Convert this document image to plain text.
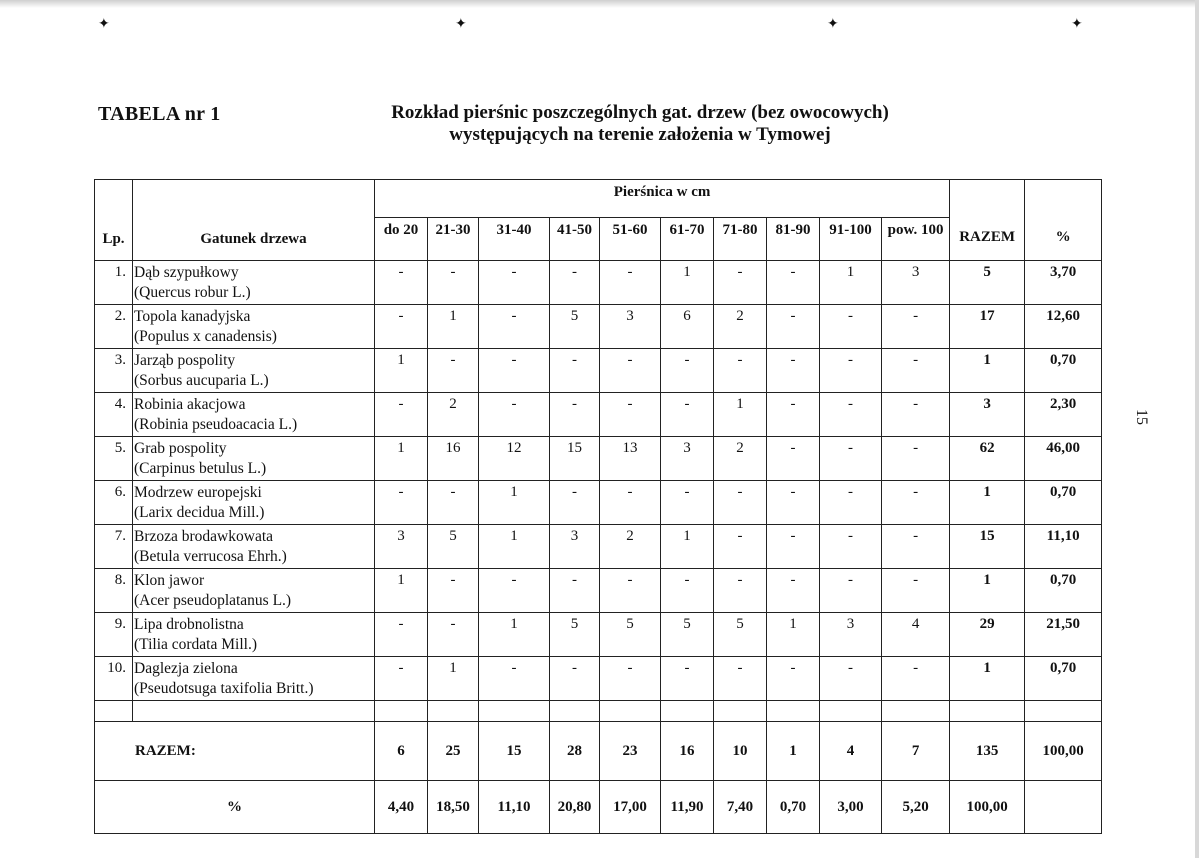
✦	✦	✦	✦
TABELA nr 1	Rozkład pierśnic poszczególnych gat. drzew (bez owocowych)
występujących na terenie założenia w Tymowej
15
Lp.	Gatunek drzewa	Pierśnica w cm										RAZEM	%
		do 20	21-30	31-40	41-50	51-60	61-70	71-80	81-90	91-100	pow. 100		
1.	Dąb szypułkowy
(Quercus robur L.)	-	-	-	-	-	1	-	-	1	3	5	3,70
2.	Topola kanadyjska
(Populus x canadensis)	-	1	-	5	3	6	2	-	-	-	17	12,60
3.	Jarząb pospolity
(Sorbus aucuparia L.)	1	-	-	-	-	-	-	-	-	-	1	0,70
4.	Robinia akacjowa
(Robinia pseudoacacia L.)	-	2	-	-	-	-	1	-	-	-	3	2,30
5.	Grab pospolity
(Carpinus betulus L.)	1	16	12	15	13	3	2	-	-	-	62	46,00
6.	Modrzew europejski
(Larix decidua Mill.)	-	-	1	-	-	-	-	-	-	-	1	0,70
7.	Brzoza brodawkowata
(Betula verrucosa Ehrh.)	3	5	1	3	2	1	-	-	-	-	15	11,10
8.	Klon jawor
(Acer pseudoplatanus L.)	1	-	-	-	-	-	-	-	-	-	1	0,70
9.	Lipa drobnolistna
(Tilia cordata Mill.)	-	-	1	5	5	5	5	1	3	4	29	21,50
10.	Daglezja zielona
(Pseudotsuga taxifolia Britt.)	-	1	-	-	-	-	-	-	-	-	1	0,70

RAZEM:		6	25	15	28	23	16	10	1	4	7	135	100,00
%		4,40	18,50	11,10	20,80	17,00	11,90	7,40	0,70	3,00	5,20	100,00	
